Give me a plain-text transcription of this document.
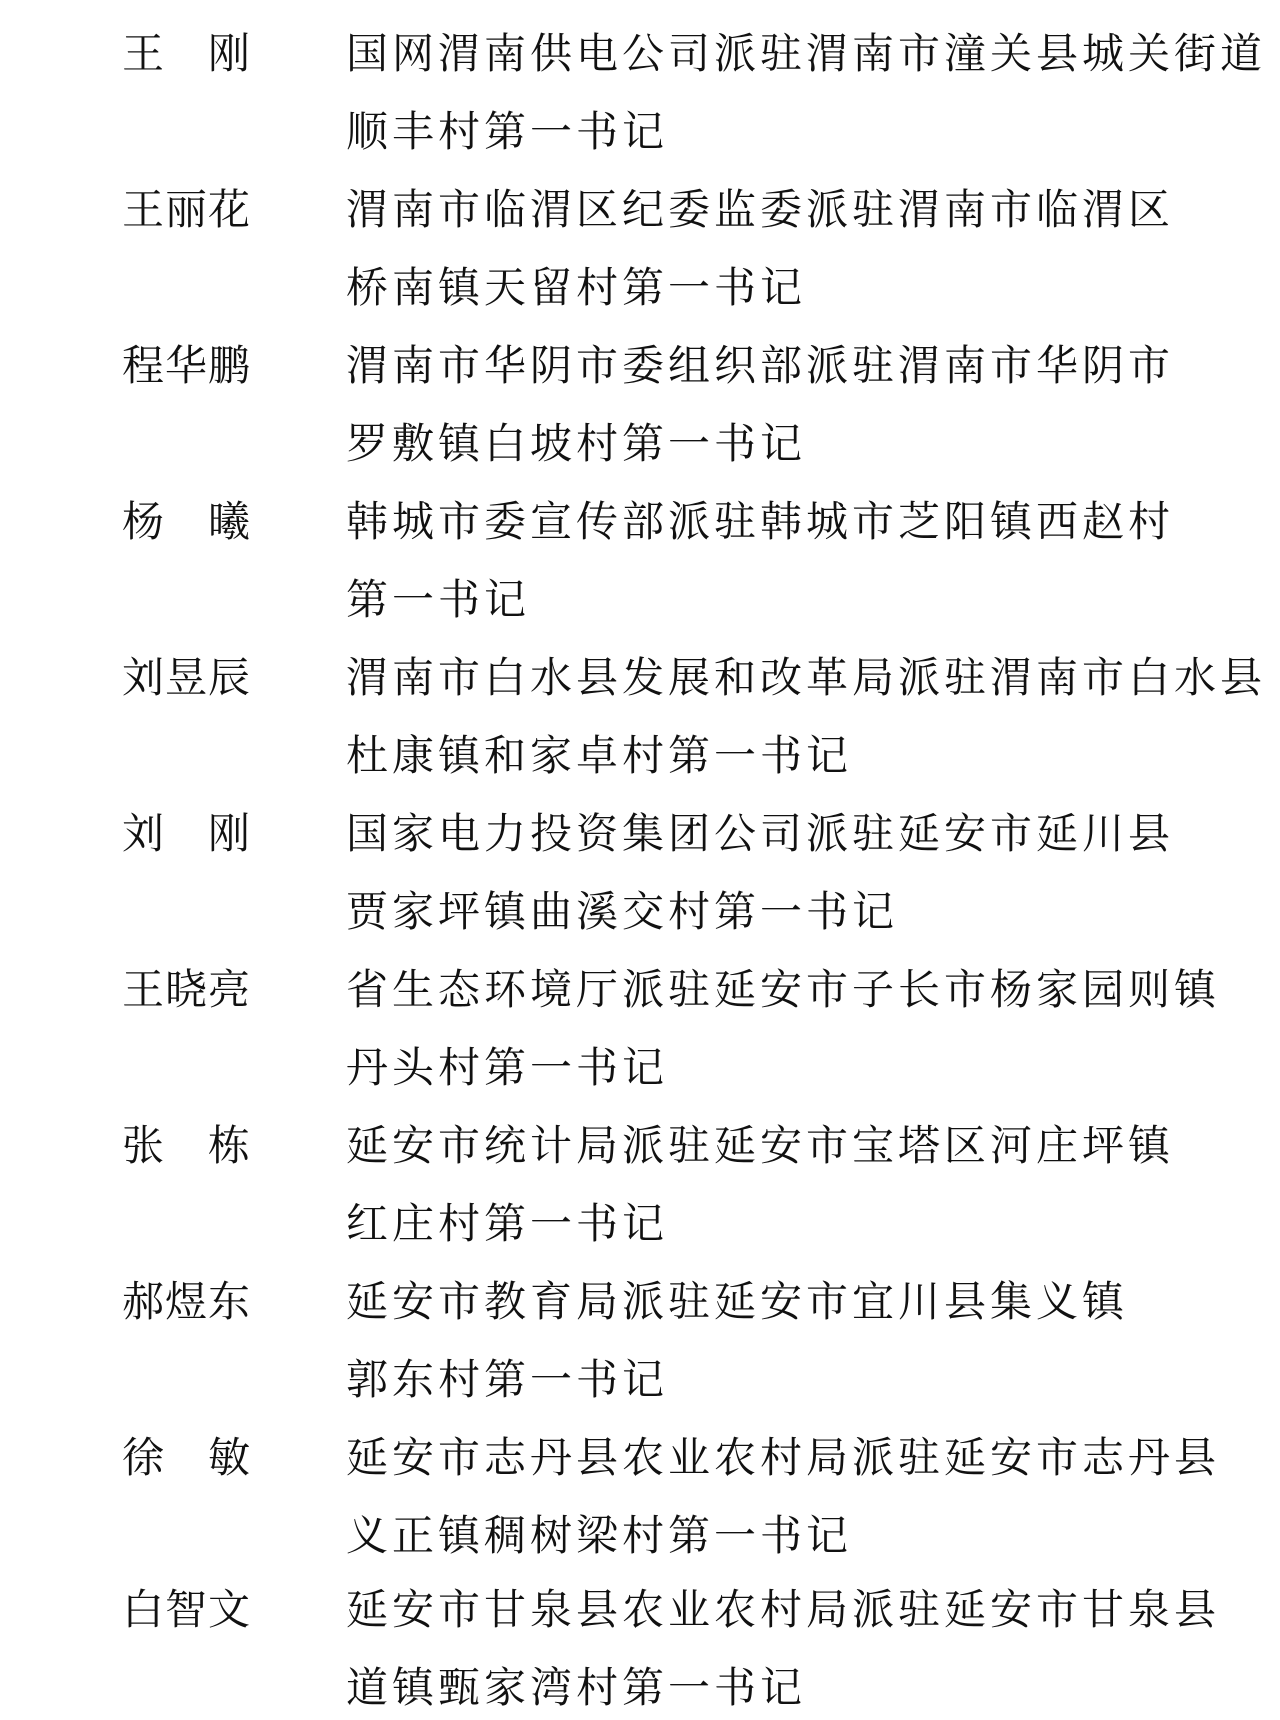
王　刚 国网渭南供电公司派驻渭南市潼关县城关街道
顺丰村第一书记
王丽花 渭南市临渭区纪委监委派驻渭南市临渭区
桥南镇天留村第一书记
程华鹏 渭南市华阴市委组织部派驻渭南市华阴市
罗敷镇白坡村第一书记
杨　曦 韩城市委宣传部派驻韩城市芝阳镇西赵村
第一书记
刘昱辰 渭南市白水县发展和改革局派驻渭南市白水县
杜康镇和家卓村第一书记
刘　刚 国家电力投资集团公司派驻延安市延川县
贾家坪镇曲溪交村第一书记
王晓亮 省生态环境厅派驻延安市子长市杨家园则镇
丹头村第一书记
张　栋 延安市统计局派驻延安市宝塔区河庄坪镇
红庄村第一书记
郝煜东 延安市教育局派驻延安市宜川县集义镇
郭东村第一书记
徐　敏 延安市志丹县农业农村局派驻延安市志丹县
义正镇稠树梁村第一书记
白智文 延安市甘泉县农业农村局派驻延安市甘泉县
道镇甄家湾村第一书记
